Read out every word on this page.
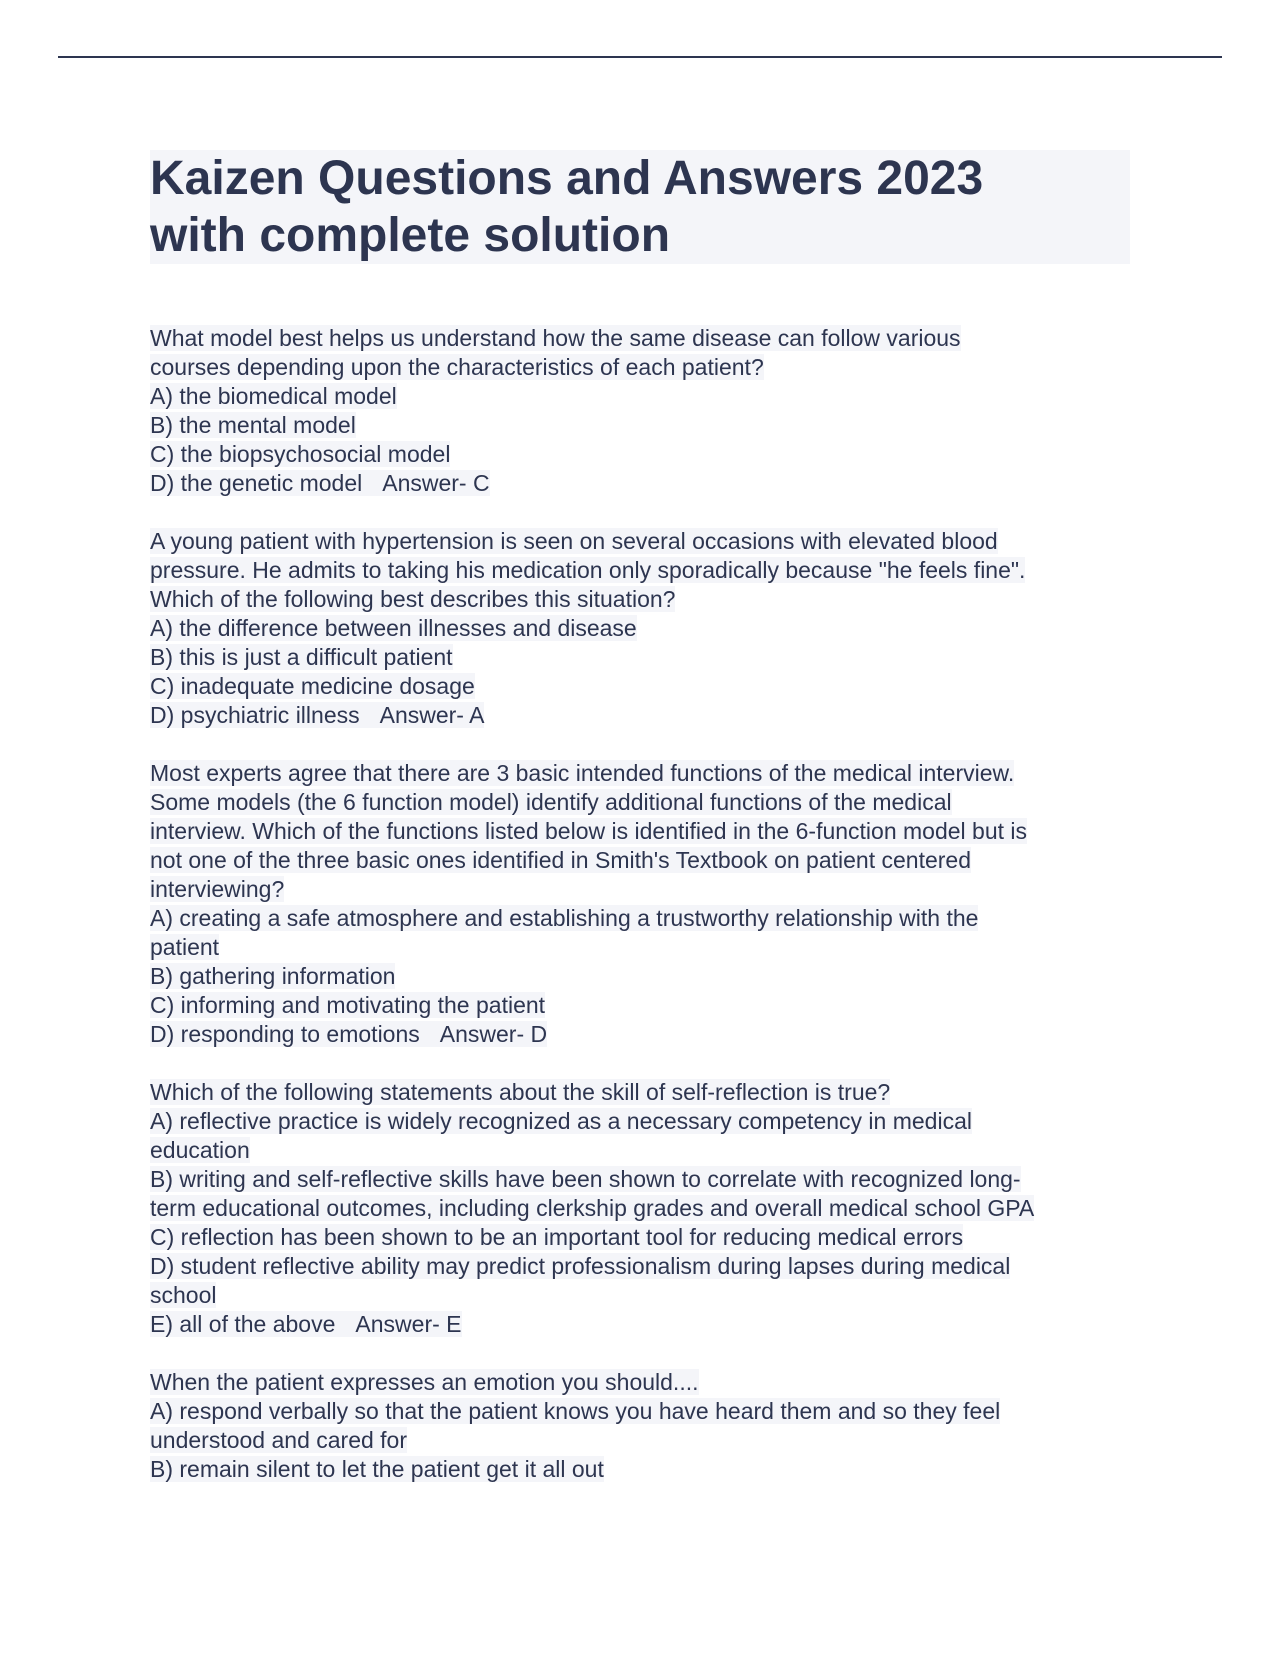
Kaizen Questions and Answers 2023
with complete solution
What model best helps us understand how the same disease can follow various
courses depending upon the characteristics of each patient?
A) the biomedical model
B) the mental model
C) the biopsychosocial model
D) the genetic model Answer- C
A young patient with hypertension is seen on several occasions with elevated blood
pressure. He admits to taking his medication only sporadically because "he feels fine".
Which of the following best describes this situation?
A) the difference between illnesses and disease
B) this is just a difficult patient
C) inadequate medicine dosage
D) psychiatric illness Answer- A
Most experts agree that there are 3 basic intended functions of the medical interview.
Some models (the 6 function model) identify additional functions of the medical
interview. Which of the functions listed below is identified in the 6-function model but is
not one of the three basic ones identified in Smith's Textbook on patient centered
interviewing?
A) creating a safe atmosphere and establishing a trustworthy relationship with the
patient
B) gathering information
C) informing and motivating the patient
D) responding to emotions Answer- D
Which of the following statements about the skill of self-reflection is true?
A) reflective practice is widely recognized as a necessary competency in medical
education
B) writing and self-reflective skills have been shown to correlate with recognized long-
term educational outcomes, including clerkship grades and overall medical school GPA
C) reflection has been shown to be an important tool for reducing medical errors
D) student reflective ability may predict professionalism during lapses during medical
school
E) all of the above Answer- E
When the patient expresses an emotion you should....
A) respond verbally so that the patient knows you have heard them and so they feel
understood and cared for
B) remain silent to let the patient get it all out
